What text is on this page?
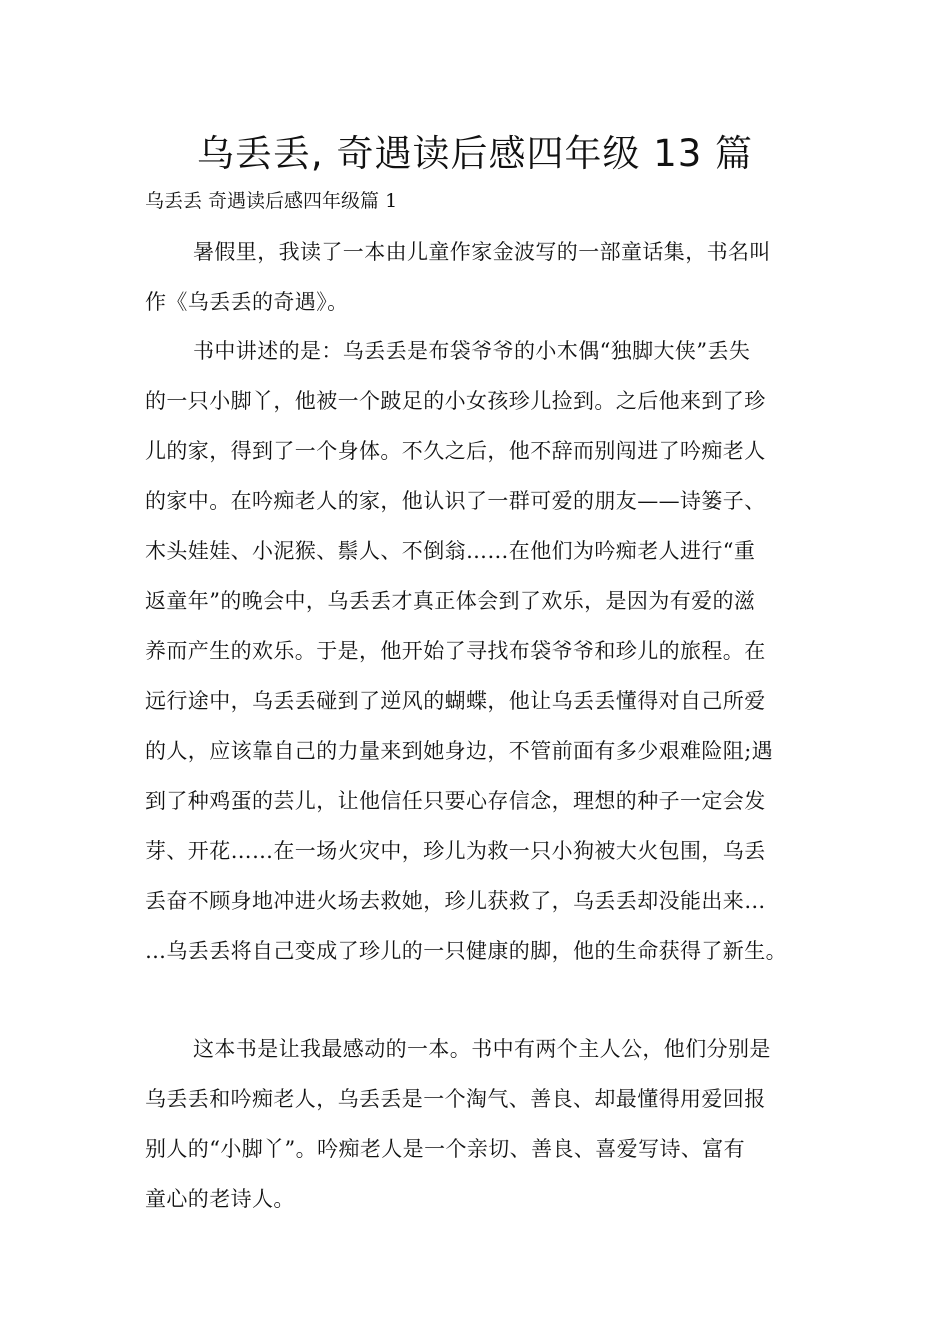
乌丢丢, 奇遇读后感四年级 13 篇
乌丢丢 奇遇读后感四年级篇 1
暑假里，我读了一本由儿童作家金波写的一部童话集，书名叫
作《乌丢丢的奇遇》。
书中讲述的是：乌丢丢是布袋爷爷的小木偶“独脚大侠”丢失
的一只小脚丫，他被一个跛足的小女孩珍儿捡到。之后他来到了珍
儿的家，得到了一个身体。不久之后，他不辞而别闯进了吟痴老人
的家中。在吟痴老人的家，他认识了一群可爱的朋友——诗篓子、
木头娃娃、小泥猴、鬃人、不倒翁……在他们为吟痴老人进行“重
返童年”的晚会中，乌丢丢才真正体会到了欢乐，是因为有爱的滋
养而产生的欢乐。于是，他开始了寻找布袋爷爷和珍儿的旅程。在
远行途中，乌丢丢碰到了逆风的蝴蝶，他让乌丢丢懂得对自己所爱
的人，应该靠自己的力量来到她身边，不管前面有多少艰难险阻;遇
到了种鸡蛋的芸儿，让他信任只要心存信念，理想的种子一定会发
芽、开花……在一场火灾中，珍儿为救一只小狗被大火包围，乌丢
丢奋不顾身地冲进火场去救她，珍儿获救了，乌丢丢却没能出来…
…乌丢丢将自己变成了珍儿的一只健康的脚，他的生命获得了新生。
这本书是让我最感动的一本。书中有两个主人公，他们分别是
乌丢丢和吟痴老人，乌丢丢是一个淘气、善良、却最懂得用爱回报
别人的“小脚丫”。吟痴老人是一个亲切、善良、喜爱写诗、富有
童心的老诗人。
